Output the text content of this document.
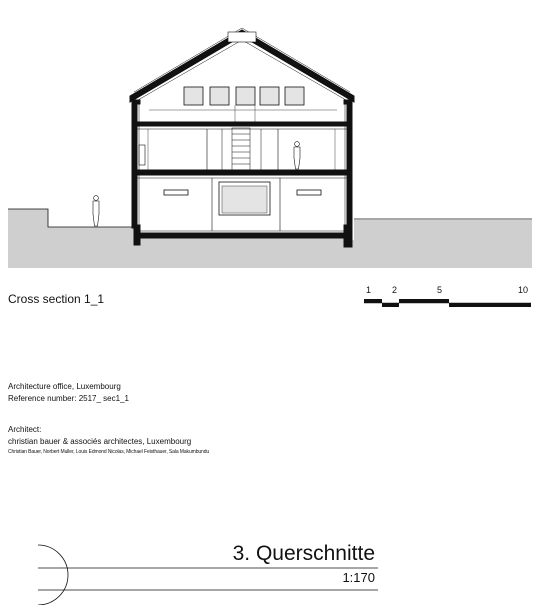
Cross section 1_1
1 2	5	10
Architecture office, Luxembourg
Reference number: 2517_ sec1_1
Architect:
christian bauer & associés architectes, Luxembourg
Christian Bauer, Norbert Muller, Louis Edmond Nicolas, Michael Feisthauer, Sala Makumbundu
3. Querschnitte
1:170
